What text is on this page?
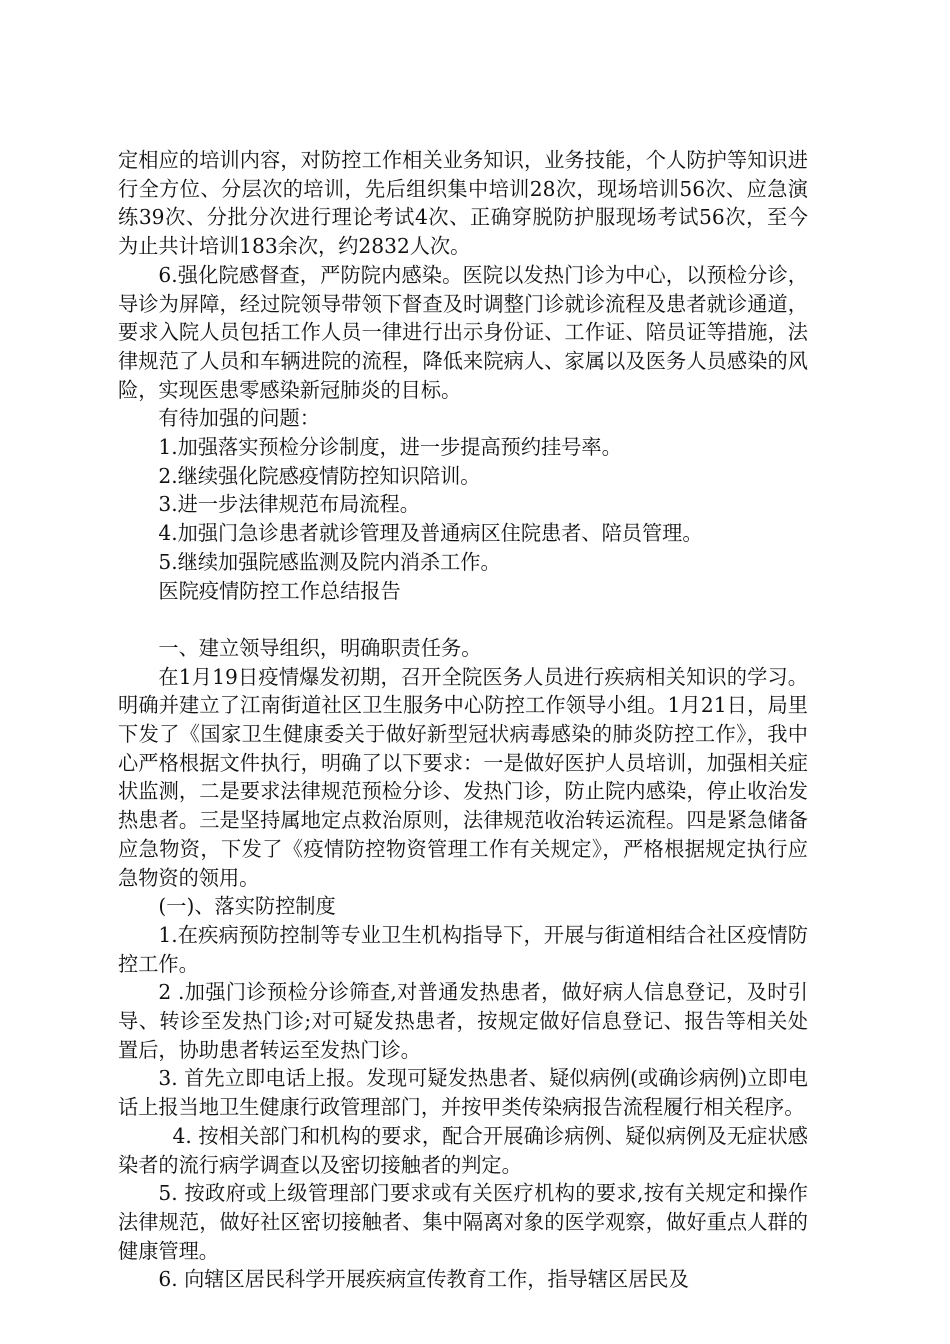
定相应的培训内容，对防控工作相关业务知识，业务技能，个人防护等知识进行全方位、分层次的培训，先后组织集中培训28次，现场培训56次、应急演练39次、分批分次进行理论考试4次、正确穿脱防护服现场考试56次，至今为止共计培训183余次，约2832人次。

6.强化院感督查，严防院内感染。医院以发热门诊为中心，以预检分诊，导诊为屏障，经过院领导带领下督查及时调整门诊就诊流程及患者就诊通道，要求入院人员包括工作人员一律进行出示身份证、工作证、陪员证等措施，法律规范了人员和车辆进院的流程，降低来院病人、家属以及医务人员感染的风险，实现医患零感染新冠肺炎的目标。

有待加强的问题：

1.加强落实预检分诊制度，进一步提高预约挂号率。

2.继续强化院感疫情防控知识陪训。

3.进一步法律规范布局流程。

4.加强门急诊患者就诊管理及普通病区住院患者、陪员管理。

5.继续加强院感监测及院内消杀工作。

医院疫情防控工作总结报告

一、建立领导组织，明确职责任务。

在1月19日疫情爆发初期，召开全院医务人员进行疾病相关知识的学习。明确并建立了江南街道社区卫生服务中心防控工作领导小组。1月21日，局里下发了《国家卫生健康委关于做好新型冠状病毒感染的肺炎防控工作》，我中心严格根据文件执行，明确了以下要求：一是做好医护人员培训，加强相关症状监测，二是要求法律规范预检分诊、发热门诊，防止院内感染，停止收治发热患者。三是坚持属地定点救治原则，法律规范收治转运流程。四是紧急储备应急物资，下发了《疫情防控物资管理工作有关规定》，严格根据规定执行应急物资的领用。

(一)、落实防控制度

1.在疾病预防控制等专业卫生机构指导下，开展与街道相结合社区疫情防控工作。

2 .加强门诊预检分诊筛查,对普通发热患者，做好病人信息登记，及时引导、转诊至发热门诊;对可疑发热患者，按规定做好信息登记、报告等相关处置后，协助患者转运至发热门诊。

3. 首先立即电话上报。发现可疑发热患者、疑似病例(或确诊病例)立即电话上报当地卫生健康行政管理部门，并按甲类传染病报告流程履行相关程序。

4. 按相关部门和机构的要求，配合开展确诊病例、疑似病例及无症状感染者的流行病学调查以及密切接触者的判定。

5. 按政府或上级管理部门要求或有关医疗机构的要求,按有关规定和操作法律规范，做好社区密切接触者、集中隔离对象的医学观察，做好重点人群的健康管理。

6. 向辖区居民科学开展疾病宣传教育工作，指导辖区居民及
